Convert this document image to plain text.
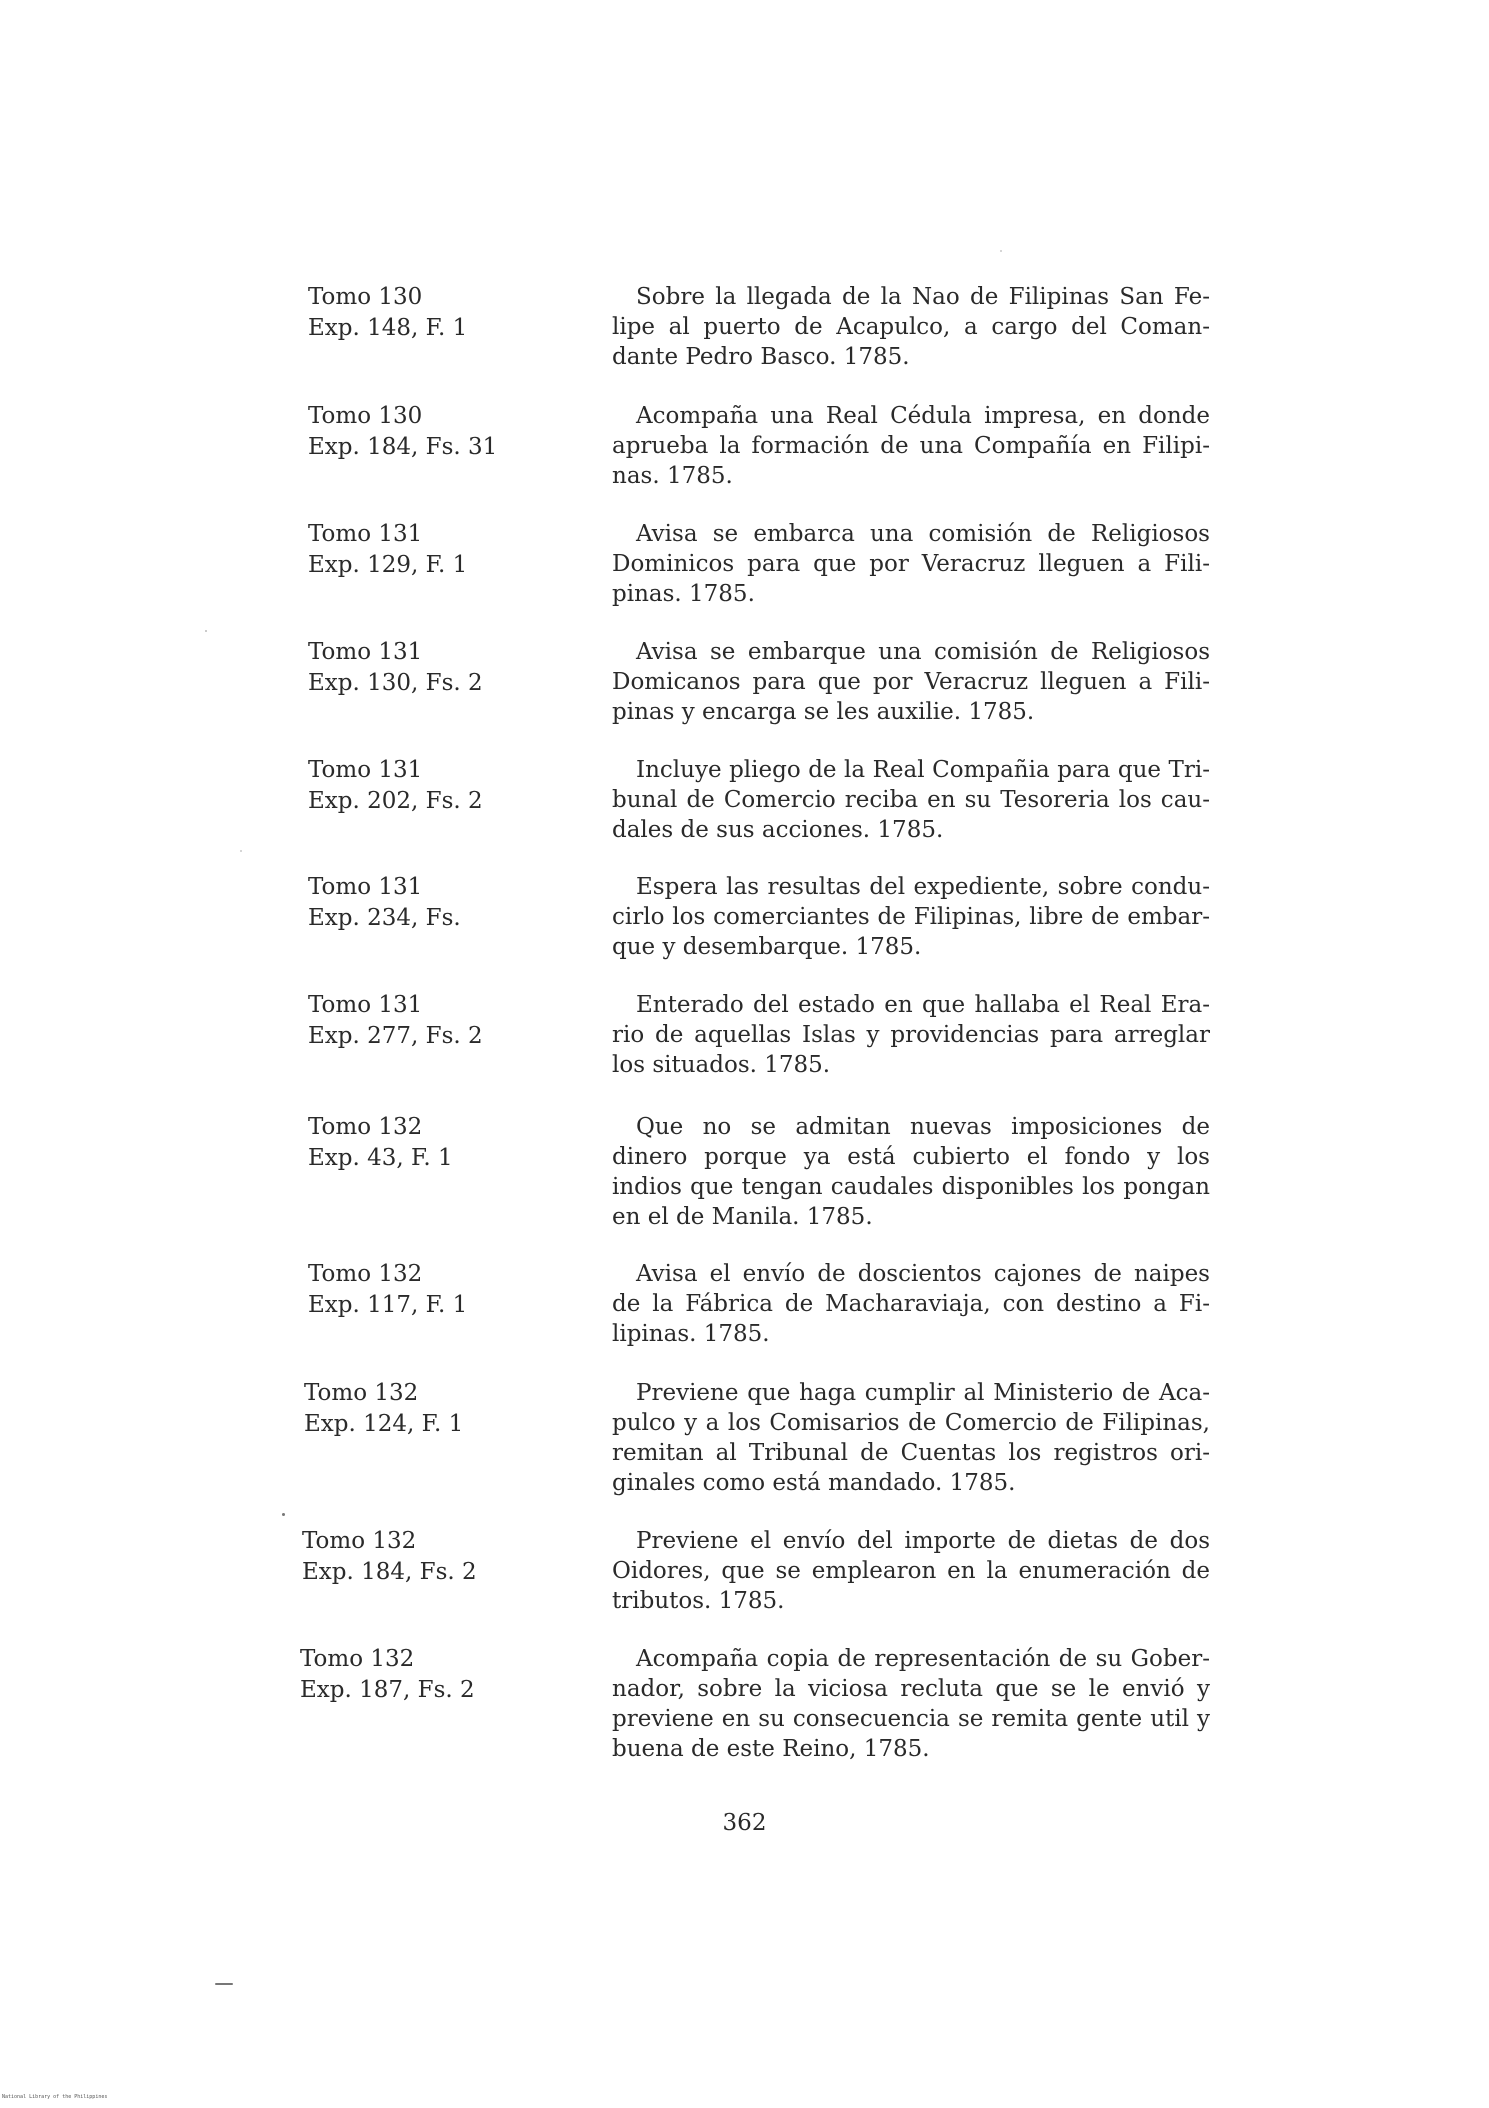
Tomo 130
Exp. 148, F. 1
Sobre la llegada de la Nao de Filipinas San Felipe al puerto de Acapulco, a cargo del Comandante Pedro Basco. 1785.
Tomo 130
Exp. 184, Fs. 31
Acompaña una Real Cédula impresa, en donde aprueba la formación de una Compañía en Filipinas. 1785.
Tomo 131
Exp. 129, F. 1
Avisa se embarca una comisión de Religiosos Dominicos para que por Veracruz lleguen a Filipinas. 1785.
Tomo 131
Exp. 130, Fs. 2
Avisa se embarque una comisión de Religiosos Domicanos para que por Veracruz lleguen a Filipinas y encarga se les auxilie. 1785.
Tomo 131
Exp. 202, Fs. 2
Incluye pliego de la Real Compañia para que Tribunal de Comercio reciba en su Tesoreria los caudales de sus acciones. 1785.
Tomo 131
Exp. 234, Fs.
Espera las resultas del expediente, sobre conducirlo los comerciantes de Filipinas, libre de embarque y desembarque. 1785.
Tomo 131
Exp. 277, Fs. 2
Enterado del estado en que hallaba el Real Erario de aquellas Islas y providencias para arreglar los situados. 1785.
Tomo 132
Exp. 43, F. 1
Que no se admitan nuevas imposiciones de dinero porque ya está cubierto el fondo y los indios que tengan caudales disponibles los pongan en el de Manila. 1785.
Tomo 132
Exp. 117, F. 1
Avisa el envío de doscientos cajones de naipes de la Fábrica de Macharaviaja, con destino a Filipinas. 1785.
Tomo 132
Exp. 124, F. 1
Previene que haga cumplir al Ministerio de Acapulco y a los Comisarios de Comercio de Filipinas, remitan al Tribunal de Cuentas los registros originales como está mandado. 1785.
Tomo 132
Exp. 184, Fs. 2
Previene el envío del importe de dietas de dos Oidores, que se emplearon en la enumeración de tributos. 1785.
Tomo 132
Exp. 187, Fs. 2
Acompaña copia de representación de su Gobernador, sobre la viciosa recluta que se le envió y previene en su consecuencia se remita gente util y buena de este Reino, 1785.
362
National Library of the Philippines
